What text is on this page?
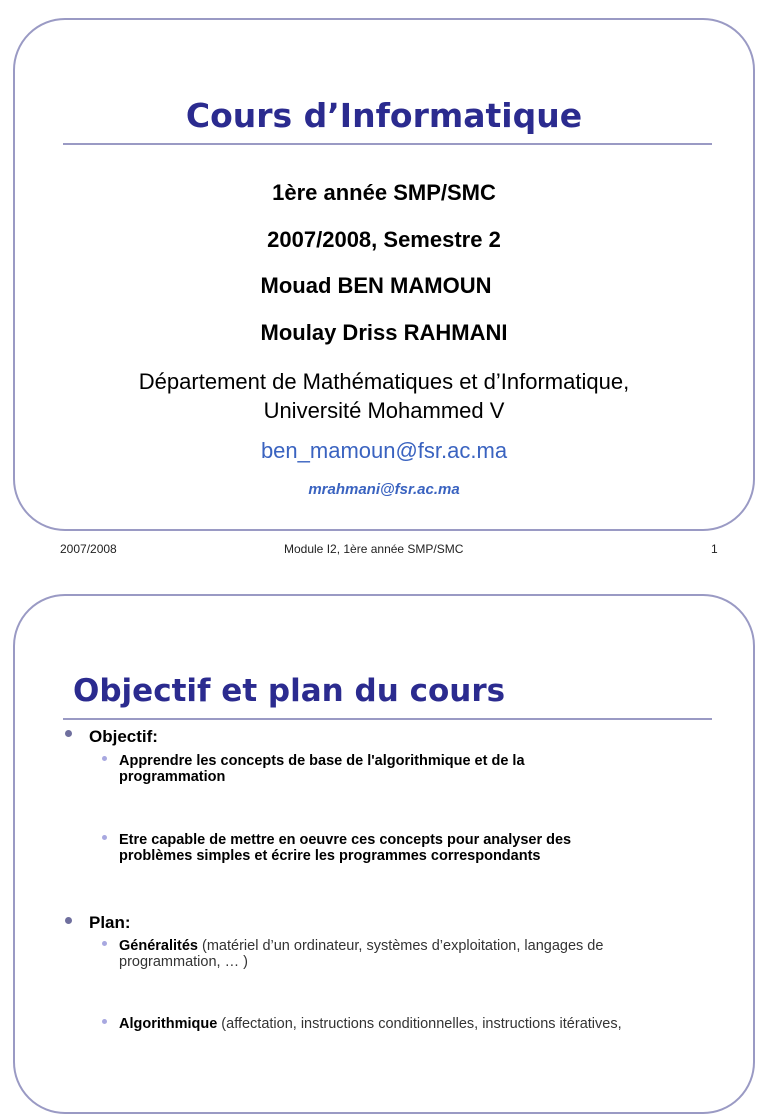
Cours d’Informatique
1ère année SMP/SMC
2007/2008, Semestre 2
Mouad BEN MAMOUN
Moulay Driss RAHMANI
Département de Mathématiques et d’Informatique,
Université Mohammed V
ben_mamoun@fsr.ac.ma
mrahmani@fsr.ac.ma
2007/2008	Module I2, 1ère année SMP/SMC	1
Objectif et plan du cours
Objectif:
Apprendre les concepts de base de l'algorithmique et de la
programmation
Etre capable de mettre en oeuvre ces concepts pour analyser des
problèmes simples et écrire les programmes correspondants
Plan:
Généralités (matériel d’un ordinateur, systèmes d’exploitation, langages de
programmation, … )
Algorithmique (affectation, instructions conditionnelles, instructions itératives,
